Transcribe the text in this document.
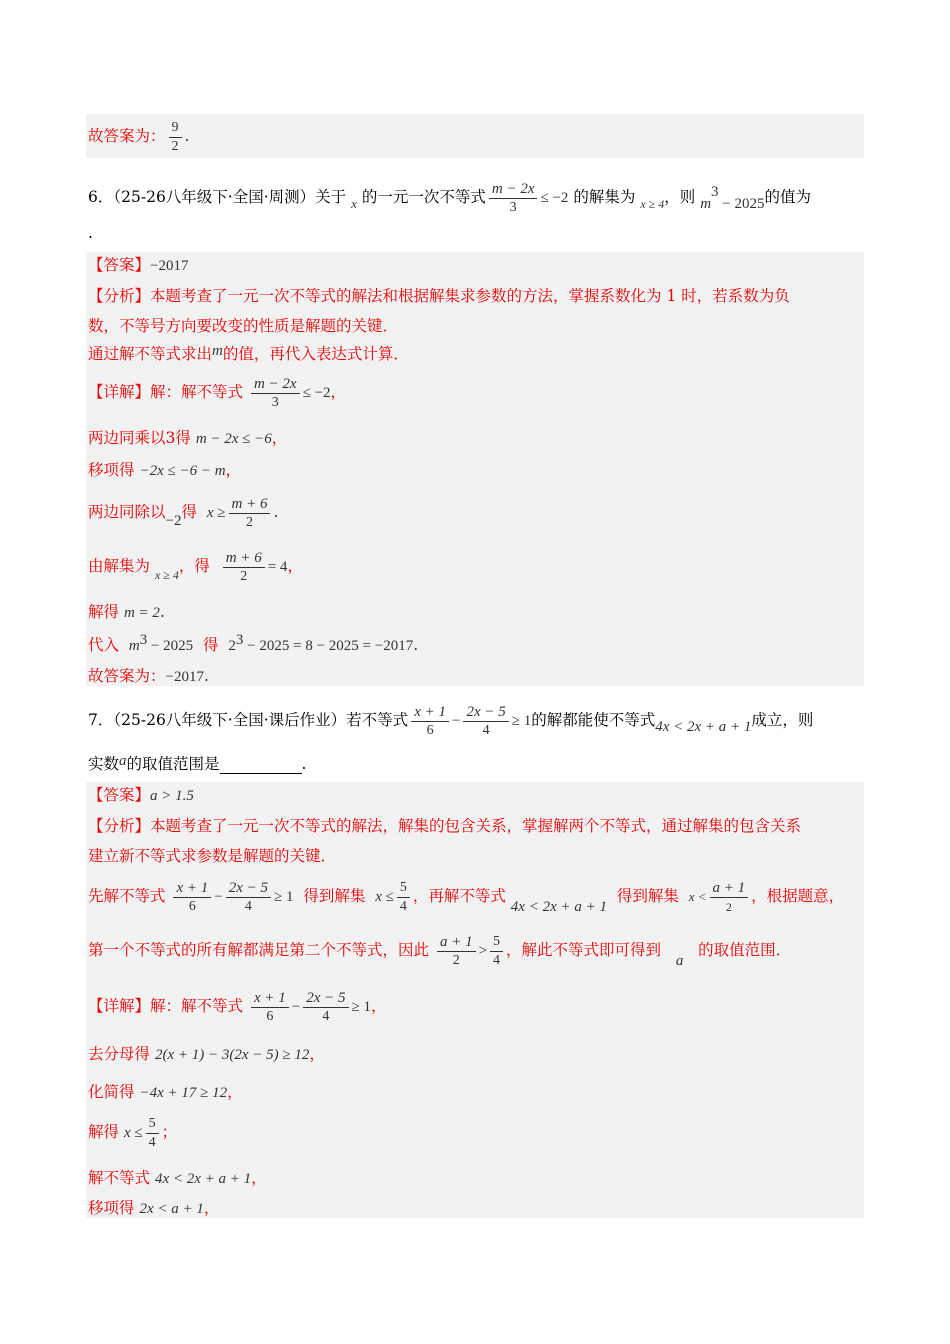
故答案为： $\frac{9}{2}$ .
6．（25-26八年级下·全国·周测）关于 $_x$ 的一元一次不等式 $\frac{m - 2x}{3} \le -2$ 的解集为 $_{x \ge 4}$，则 $m^3 - 2025$的值为
.
【答案】−2017
【分析】本题考查了一元一次不等式的解法和根据解集求参数的方法，掌握系数化为 1 时，若系数为负
数，不等号方向要改变的性质是解题的关键．
通过解不等式求出m的值，再代入表达式计算．
【详解】解：解不等式 $\frac{m - 2x}{3} \le -2$，
两边同乘以3得 m − 2x ≤ −6，
移项得 −2x ≤ −6 − m，
两边同除以−2得 $x \ge \frac{m + 6}{2}$ .
由解集为 $_{x \ge 4}$，得 $\frac{m + 6}{2} = 4$，
解得 m = 2.
代入 $m^3 - 2025$ 得 $2^3 - 2025 = 8 - 2025 = -2017$.
故答案为：−2017.
7．（25-26八年级下·全国·课后作业）若不等式 $\frac{x + 1}{6} - \frac{2x - 5}{4} \ge 1$的解都能使不等式4x < 2x + a + 1成立，则
实数a的取值范围是	.
【答案】a > 1.5
【分析】本题考查了一元一次不等式的解法，解集的包含关系，掌握解两个不等式，通过解集的包含关系
建立新不等式求参数是解题的关键．
先解不等式 $\frac{x + 1}{6} - \frac{2x - 5}{4} \ge 1$ 得到解集 $x \le \frac{5}{4}$ ，再解不等式 4x < 2x + a + 1  得到解集 $x < \frac{a + 1}{2}$ ，根据题意，
第一个不等式的所有解都满足第二个不等式，因此 $\frac{a + 1}{2} > \frac{5}{4}$ ，解此不等式即可得到   a   的取值范围．
【详解】解：解不等式 $\frac{x + 1}{6} - \frac{2x - 5}{4} \ge 1$，
去分母得 2(x + 1) − 3(2x − 5) ≥ 12，
化简得 −4x + 17 ≥ 12，
解得 $x \le \frac{5}{4}$ ；
解不等式 4x < 2x + a + 1，
移项得 2x < a + 1，
